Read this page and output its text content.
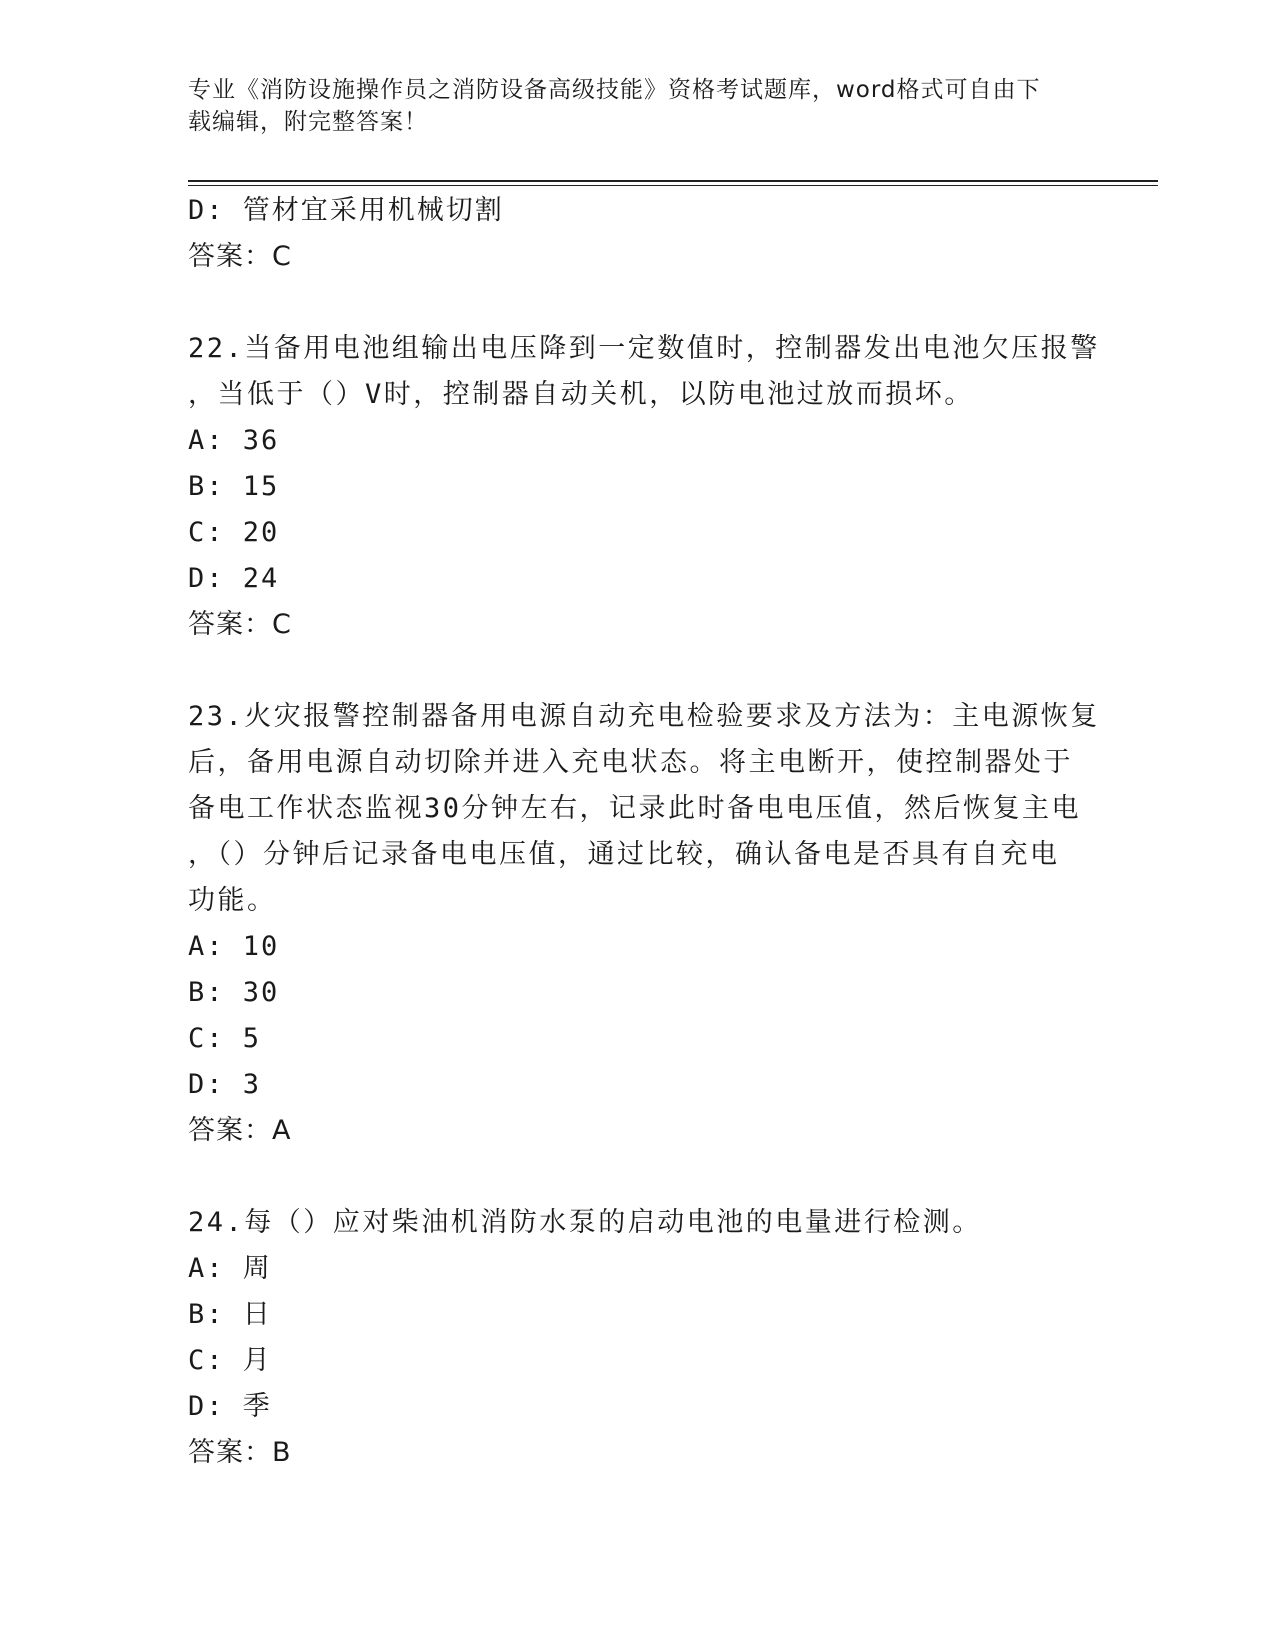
专业《消防设施操作员之消防设备高级技能》资格考试题库，word格式可自由下
载编辑，附完整答案！
D: 管材宜采用机械切割
答案：C
22.当备用电池组输出电压降到一定数值时，控制器发出电池欠压报警
，当低于（）V时，控制器自动关机，以防电池过放而损坏。
A: 36
B: 15
C: 20
D: 24
答案：C
23.火灾报警控制器备用电源自动充电检验要求及方法为：主电源恢复
后，备用电源自动切除并进入充电状态。将主电断开，使控制器处于
备电工作状态监视30分钟左右，记录此时备电电压值，然后恢复主电
，（）分钟后记录备电电压值，通过比较，确认备电是否具有自充电
功能。
A: 10
B: 30
C: 5
D: 3
答案：A
24.每（）应对柴油机消防水泵的启动电池的电量进行检测。
A: 周
B: 日
C: 月
D: 季
答案：B
